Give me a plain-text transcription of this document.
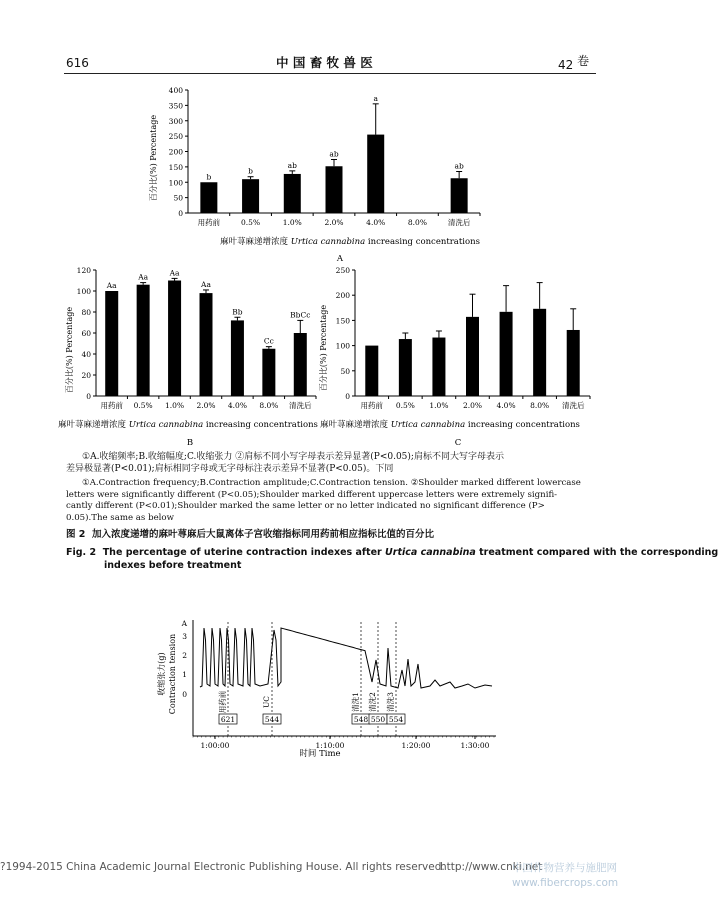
616	中 国 畜 牧 兽 医	42 卷
百分比(%) Percentage
0
50
100
150
200
250
300
350
400
用药前
b
0.5%
b
1.0%
ab
2.0%
ab
4.0%
a
8.0%	清洗后
ab
麻叶荨麻递增浓度 Urtica cannabina increasing concentrations
A
百分比(%) Percentage
0
20
40
60
80
100
120
用药前
Aa
0.5%
Aa
1.0%
Aa
2.0%
Aa
4.0%
Bb
8.0%
Cc
清洗后
BbCc
麻叶荨麻递增浓度 Urtica cannabina increasing concentrations
B
百分比(%) Percentage
0
50
100
150
200
250
用药前 0.5% 1.0% 2.0% 4.0% 8.0% 清洗后
麻叶荨麻递增浓度 Urtica cannabina increasing concentrations
C
①A.收缩频率;B.收缩幅度;C.收缩张力 ②肩标不同小写字母表示差异显著(P<0.05);肩标不同大写字母表示
差异极显著(P<0.01);肩标相同字母或无字母标注表示差异不显著(P<0.05)。下同
①A.Contraction frequency;B.Contraction amplitude;C.Contraction tension. ②Shoulder marked different lowercase
letters were significantly different (P<0.05);Shoulder marked different uppercase letters were extremely signifi-
cantly different (P<0.01);Shoulder marked the same letter or no letter indicated no significant difference (P>
0.05).The same as below
图 2 加入浓度递增的麻叶荨麻后大鼠离体子宫收缩指标同用药前相应指标比值的百分比
Fig. 2 The percentage of uterine contraction indexes after Urtica cannabina treatment compared with the corresponding
indexes before treatment
收缩张力(g) Contraction tension 0
1
2
3
A
1:00:00	1:10:00	1:20:00	1:30:00
用药前
621
UC
544
清洗1
548
清洗2
550
清洗3
554
时间 Time
?1994-2015 China Academic Journal Electronic Publishing House. All rights reserved.
http://www.cnki.net
中国作物营养与施肥网 www.fibercrops.com
